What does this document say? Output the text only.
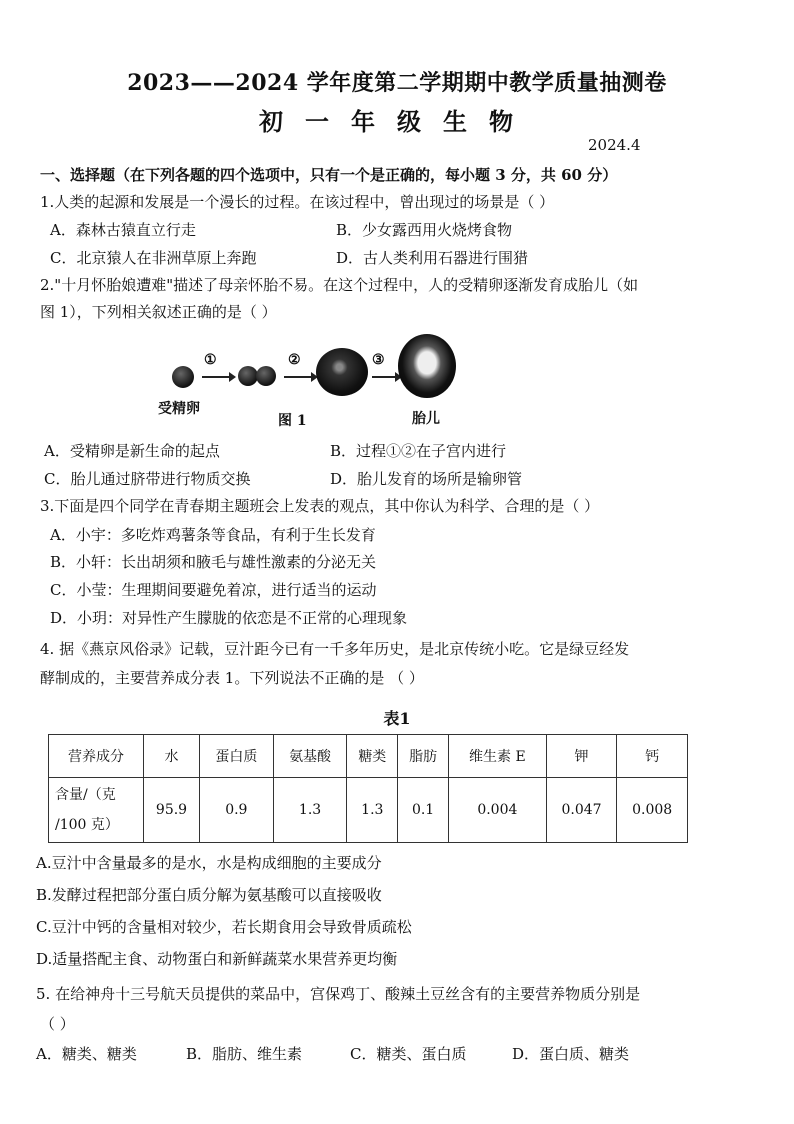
2023——2024 学年度第二学期期中教学质量抽测卷
初一年级生物
2024.4
一、选择题（在下列各题的四个选项中，只有一个是正确的，每小题 3 分，共 60 分）
1.人类的起源和发展是一个漫长的过程。在该过程中，曾出现过的场景是（ ）
A．森林古猿直立行走	B．少女露西用火烧烤食物
C．北京猿人在非洲草原上奔跑	D．古人类利用石器进行围猎
2."十月怀胎娘遭难"描述了母亲怀胎不易。在这个过程中，人的受精卵逐渐发育成胎儿（如
图 1），下列相关叙述正确的是（ ）
①	②	③
受精卵
图 1	胎儿
A．受精卵是新生命的起点	B．过程①②在子宫内进行
C．胎儿通过脐带进行物质交换	D．胎儿发育的场所是输卵管
3.下面是四个同学在青春期主题班会上发表的观点，其中你认为科学、合理的是（ ）
A．小宇：多吃炸鸡薯条等食品，有利于生长发育
B．小轩：长出胡须和腋毛与雄性激素的分泌无关
C．小莹：生理期间要避免着凉，进行适当的运动
D．小玥：对异性产生朦胧的依恋是不正常的心理现象
4. 据《燕京风俗录》记载，豆汁距今已有一千多年历史，是北京传统小吃。它是绿豆经发
酵制成的，主要营养成分表 1。下列说法不正确的是 （ ）
表1
营养成分	水	蛋白质	氨基酸	糖类	脂肪	维生素 E	钾	钙

含量/（克
/100 克）	95.9	0.9	1.3	1.3	0.1	0.004	0.047	0.008
A.豆汁中含量最多的是水，水是构成细胞的主要成分
B.发酵过程把部分蛋白质分解为氨基酸可以直接吸收
C.豆汁中钙的含量相对较少，若长期食用会导致骨质疏松
D.适量搭配主食、动物蛋白和新鲜蔬菜水果营养更均衡
5. 在给神舟十三号航天员提供的菜品中，宫保鸡丁、酸辣土豆丝含有的主要营养物质分别是
（ ）
A．糖类、糖类	B．脂肪、维生素	C．糖类、蛋白质	D．蛋白质、糖类
